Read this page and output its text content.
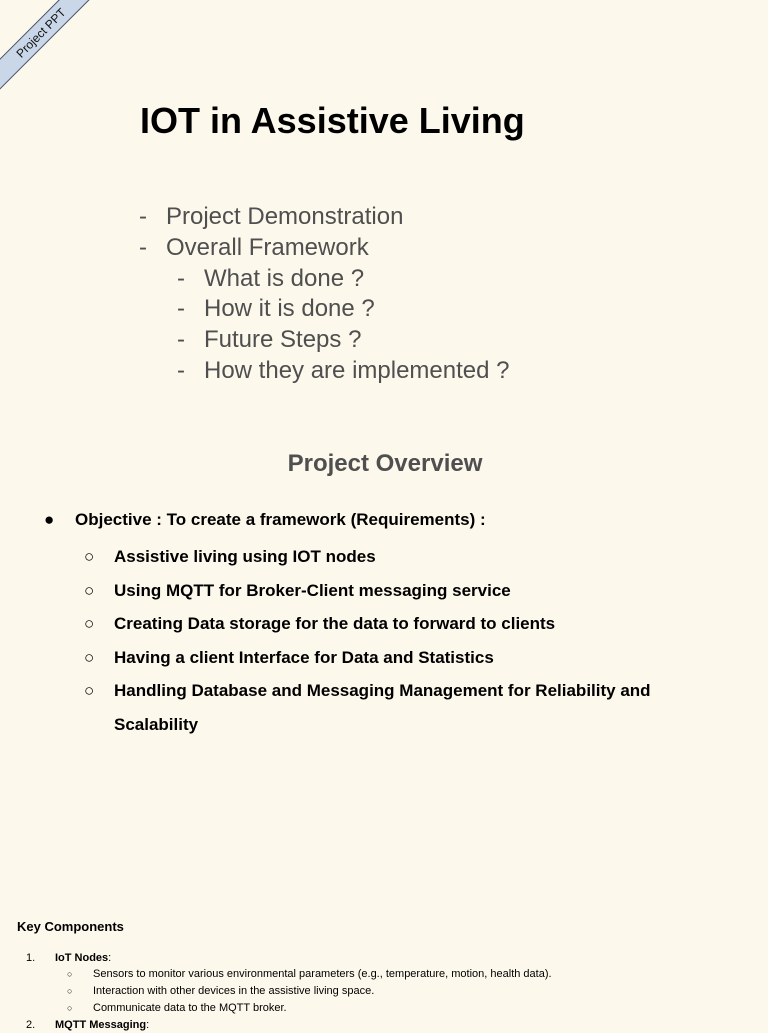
Project PPT
IOT in Assistive Living
- Project Demonstration
- Overall Framework
- What is done ?
- How it is done ?
- Future Steps ?
- How they are implemented ?
Project Overview
● Objective : To create a framework (Requirements) :
○	Assistive living using IOT nodes
○	Using MQTT for Broker-Client messaging service
○	Creating Data storage for the data to forward to clients
○	Having a client Interface for Data and Statistics
○	Handling Database and Messaging Management for Reliability and Scalability
Key Components
1.	IoT Nodes:
○	Sensors to monitor various environmental parameters (e.g., temperature, motion, health data).
○	Interaction with other devices in the assistive living space.
○	Communicate data to the MQTT broker.
2.	MQTT Messaging:
